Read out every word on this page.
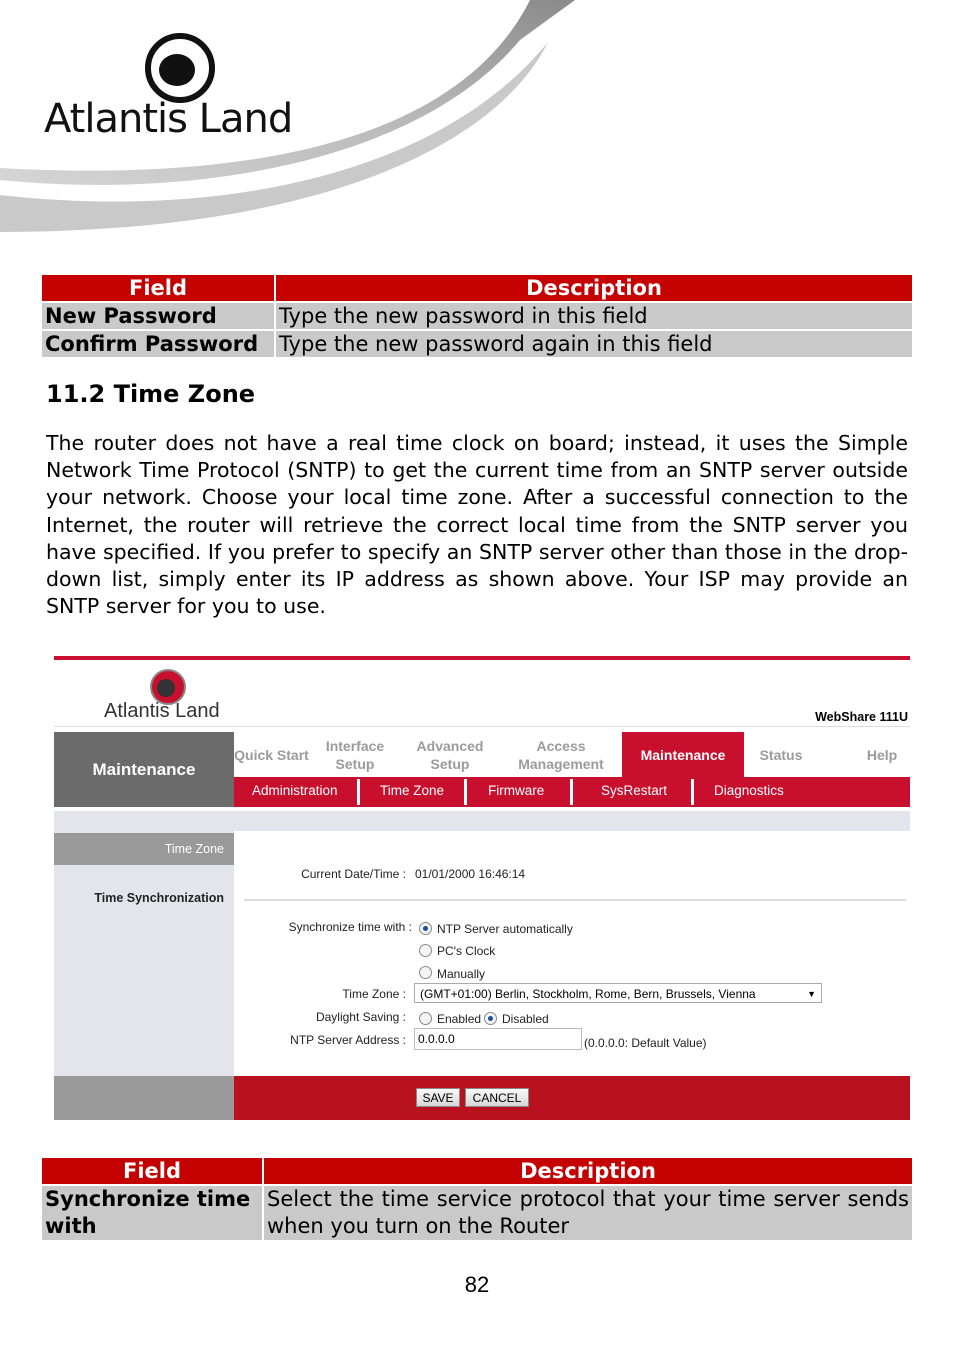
Atlantis Land
Field	Description
New Password	Type the new password in this field
Confirm Password	Type the new password again in this field
11.2 Time Zone
The router does not have a real time clock on board; instead, it uses the Simple Network Time Protocol (SNTP) to get the current time from an SNTP server outside your network. Choose your local time zone. After a successful connection to the Internet, the router will retrieve the correct local time from the SNTP server you have specified. If you prefer to specify an SNTP server other than those in the drop-down list, simply enter its IP address as shown above. Your ISP may provide an SNTP server for you to use.
Atlantis Land	WebShare 111U
Maintenance
Quick Start
Interface Setup
Advanced Setup
Access Management
Maintenance	Status	Help
Administration	Time Zone	Firmware	SysRestart	Diagnostics
Time Zone
Time Synchronization
Current Date/Time : 01/01/2000 16:46:14
Synchronize time with : NTP Server automatically
PC's Clock
Manually
Time Zone :	(GMT+01:00) Berlin, Stockholm, Rome, Bern, Brussels, Vienna	▼
Daylight Saving :	Enabled Disabled
NTP Server Address :	0.0.0.0	(0.0.0.0: Default Value)
SAVE	CANCEL
Field	Description
Synchronize time with	Select the time service protocol that your time server sends when you turn on the Router
82
